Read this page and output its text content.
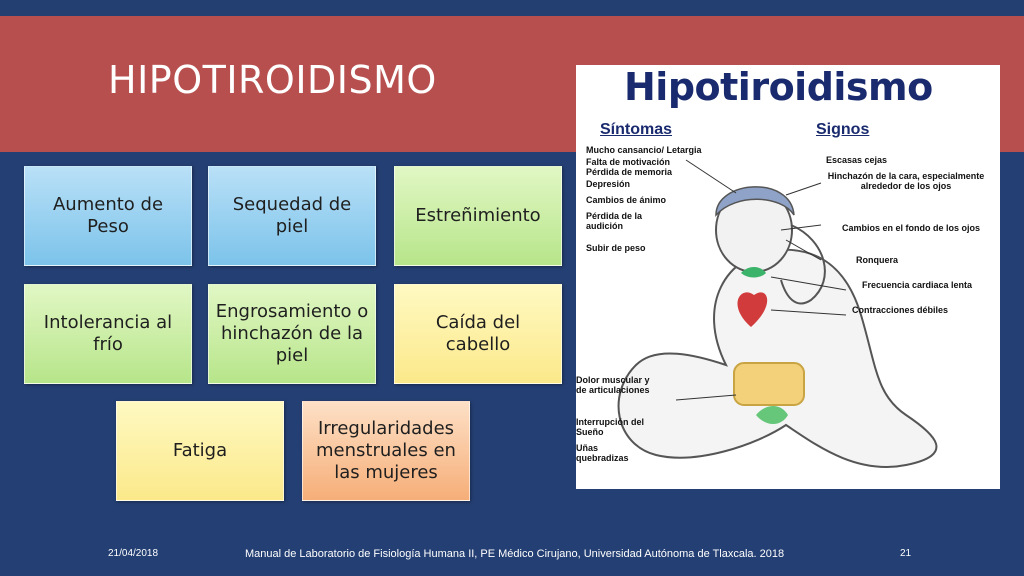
HIPOTIROIDISMO
Aumento de Peso
Sequedad de piel
Estreñimiento
Intolerancia al frío
Engrosamiento o hinchazón de la piel
Caída del cabello
Fatiga
Irregularidades menstruales en las mujeres
Hipotiroidismo
Síntomas	Signos
Mucho cansancio/ Letargia
Falta de motivación
Pérdida de memoria
Depresión
Cambios de ánimo
Pérdida de la audición
Subir de peso
Dolor muscular y de articulaciones
Interrupción del Sueño
Uñas quebradizas
Escasas cejas
Hinchazón de la cara, especialmente alrededor de los ojos
Cambios en el fondo de los ojos
Ronquera
Frecuencia cardiaca lenta
Contracciones débiles
21/04/2018	Manual de Laboratorio de Fisiología Humana II, PE Médico Cirujano, Universidad Autónoma de Tlaxcala. 2018	21
